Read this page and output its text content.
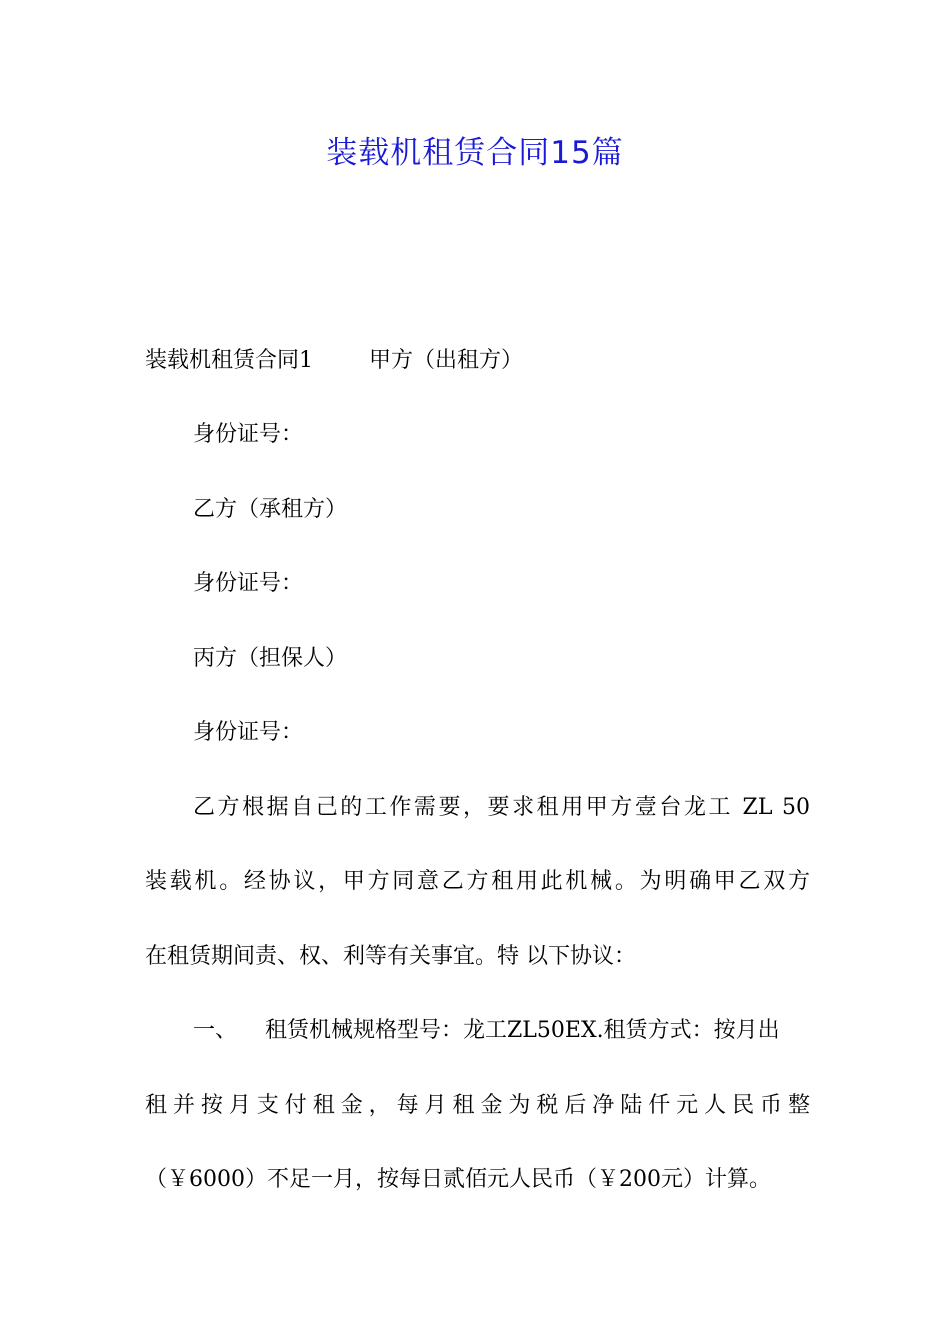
装载机租赁合同15篇
装载机租赁合同1	甲方（出租方）
身份证号：
乙方（承租方）
身份证号：
丙方（担保人）
身份证号：
乙方根据自己的工作需要，要求租用甲方壹台龙工 ZL 50
装载机。经协议，甲方同意乙方租用此机械。为明确甲乙双方
在租赁期间责、权、利等有关事宜。特 以下协议：
一、 租赁机械规格型号：龙工ZL50EX.租赁方式：按月出
租并按月支付租金，每月租金为税后净陆仟元人民币整
（￥6000）不足一月，按每日贰佰元人民币（￥200元）计算。
